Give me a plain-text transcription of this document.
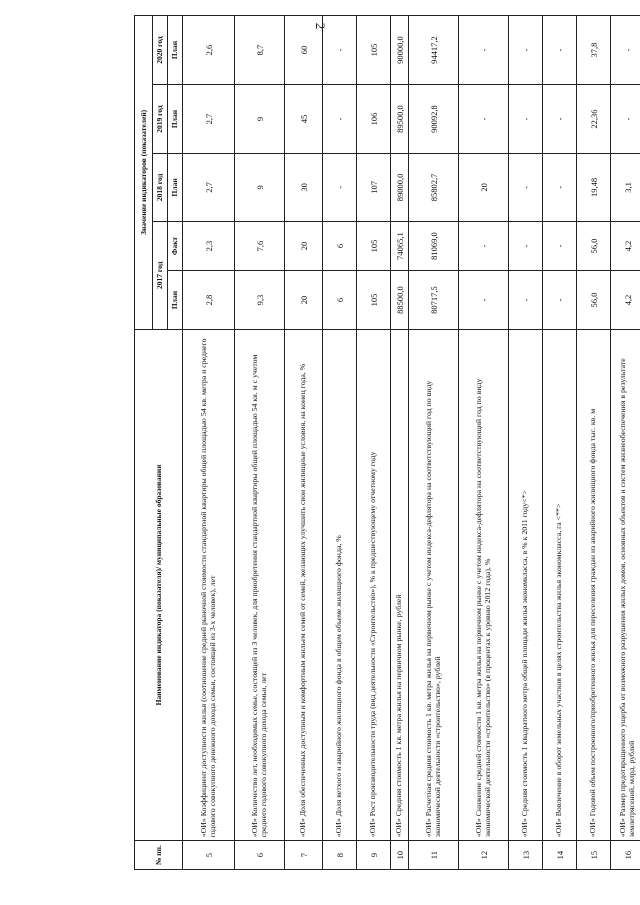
2
№ пп.	Наименование индикатора (показателя)/ муниципальные образования	Значение индикаторов (показателей)				
		2017 год		2018 год	2019 год	2020 год
		План	Факт	План	План	План
5	«ОИ» Коэффициент доступности жилья (соотношение средней рыночной стоимости стандартной квартиры общей площадью 54 кв. метра и среднего годового совокупного денежного дохода семьи, состоящей из 3-х человек), лет	2,8	2,3	2,7	2,7	2,6
6	«ОИ» Количество лет, необходимых семье, состоящей из 3 человек, для приобретения стандартной квартиры общей площадью 54 кв. м с учетом среднего годового совокупного дохода семьи, лет	9,3	7,6	9	9	8,7
7	«ОИ» Доля обеспеченных доступным и комфортным жильем семей от семей, желающих улучшить свои жилищные условия, на конец года, %	20	20	30	45	60
8	«ОИ» Доля ветхого и аварийного жилищного фонда в общем объеме жилищного фонда, %	6	6	-	-	-
9	«ОИ» Рост производительности труда (вид деятельности «Строительство»), % к предшествующему отчетному году	105	105	107	106	105
10	«ОИ» Средняя стоимость 1 кв. метра жилья на первичном рынке, рублей	88500,0	74065,1	89000,0	89500,0	90000,0
11	«ОИ» Расчетная средняя стоимость 1 кв. метра жилья на первичном рынке с учетом индекса-дефлятора на соответствующий год по виду экономической деятельности «строительство», рублей	80717,5	81069,0	85802,7	90092,8	94417,2
12	«ОИ» Снижение средней стоимости 1 кв. метра жилья на первичном рынке с учетом индекса-дефлятора на соответствующий год по виду экономической деятельности «строительство» (в процентах к уровню 2012 года), %	-	-	20	-	-
13	«ОИ» Средняя стоимость 1 квадратного метра общей площади жилья экономкласса, в % к 2011 году<*>	-	-	-	-	-
14	«ОИ» Вовлечение в оборот земельных участков в целях строительства жилья экономкласса, га <**>	-	-	-	-	-
15	«ОИ» Годовой объем построенного/приобретенного жилья для переселения граждан из аварийного жилищного фонда тыс. кв. м	56,0	56,0	19,48	22,36	37,8
16	«ОИ» Размер предотвращенного ущерба от возможного разрушения жилых домов, основных объектов и систем жизнеобеспечения в результате землетрясений, млрд. рублей	4,2	4,2	3,1	-	-
